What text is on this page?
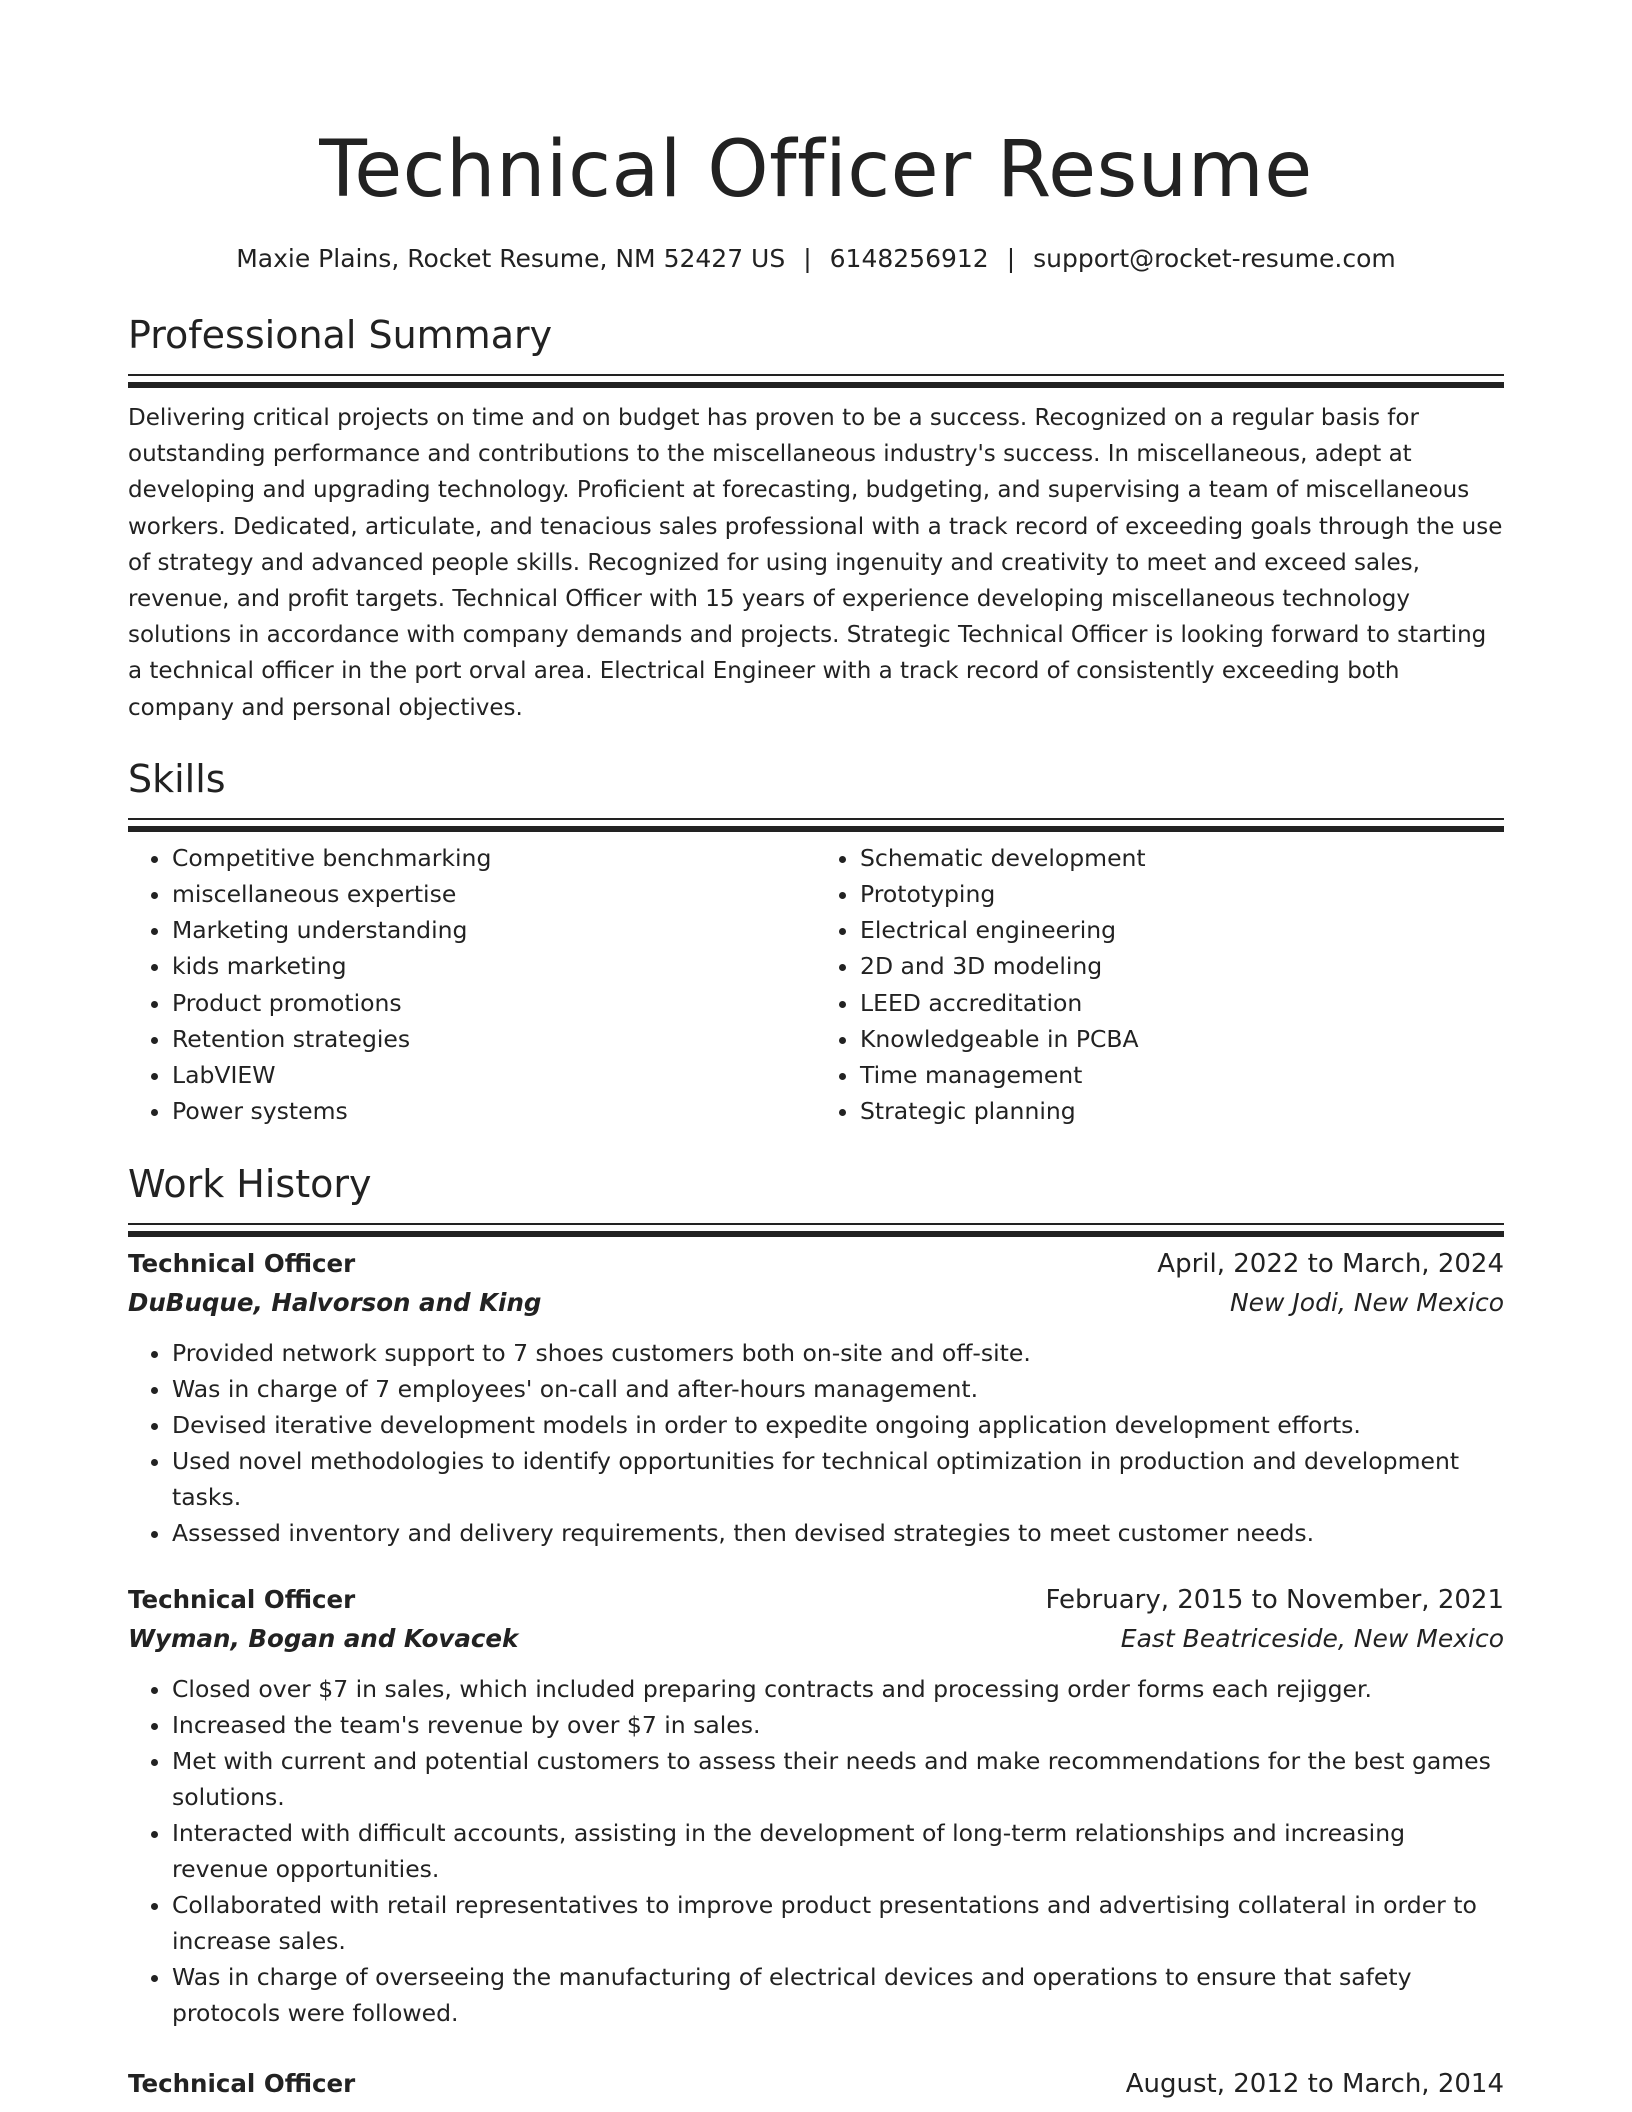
Technical Officer Resume
Maxie Plains, Rocket Resume, NM 52427 US | 6148256912 | support@rocket-resume.com
Professional Summary

Delivering critical projects on time and on budget has proven to be a success. Recognized on a regular basis for outstanding performance and contributions to the miscellaneous industry's success. In miscellaneous, adept at developing and upgrading technology. Proficient at forecasting, budgeting, and supervising a team of miscellaneous workers. Dedicated, articulate, and tenacious sales professional with a track record of exceeding goals through the use of strategy and advanced people skills. Recognized for using ingenuity and creativity to meet and exceed sales, revenue, and profit targets. Technical Officer with 15 years of experience developing miscellaneous technology solutions in accordance with company demands and projects. Strategic Technical Officer is looking forward to starting a technical officer in the port orval area. Electrical Engineer with a track record of consistently exceeding both company and personal objectives.

Skills
• Competitive benchmarking
• miscellaneous expertise
• Marketing understanding
• kids marketing
• Product promotions
• Retention strategies
• LabVIEW
• Power systems
• Schematic development
• Prototyping
• Electrical engineering
• 2D and 3D modeling
• LEED accreditation
• Knowledgeable in PCBA
• Time management
• Strategic planning
Work History
Technical Officer	April, 2022 to March, 2024
DuBuque, Halvorson and King	New Jodi, New Mexico
• Provided network support to 7 shoes customers both on-site and off-site.
• Was in charge of 7 employees' on-call and after-hours management.
• Devised iterative development models in order to expedite ongoing application development efforts.
• Used novel methodologies to identify opportunities for technical optimization in production and development tasks.
• Assessed inventory and delivery requirements, then devised strategies to meet customer needs.
Technical Officer	February, 2015 to November, 2021
Wyman, Bogan and Kovacek	East Beatriceside, New Mexico
• Closed over $7 in sales, which included preparing contracts and processing order forms each rejigger.
• Increased the team's revenue by over $7 in sales.
• Met with current and potential customers to assess their needs and make recommendations for the best games solutions.
• Interacted with difficult accounts, assisting in the development of long-term relationships and increasing revenue opportunities.
• Collaborated with retail representatives to improve product presentations and advertising collateral in order to increase sales.
• Was in charge of overseeing the manufacturing of electrical devices and operations to ensure that safety protocols were followed.
Technical Officer	August, 2012 to March, 2014
